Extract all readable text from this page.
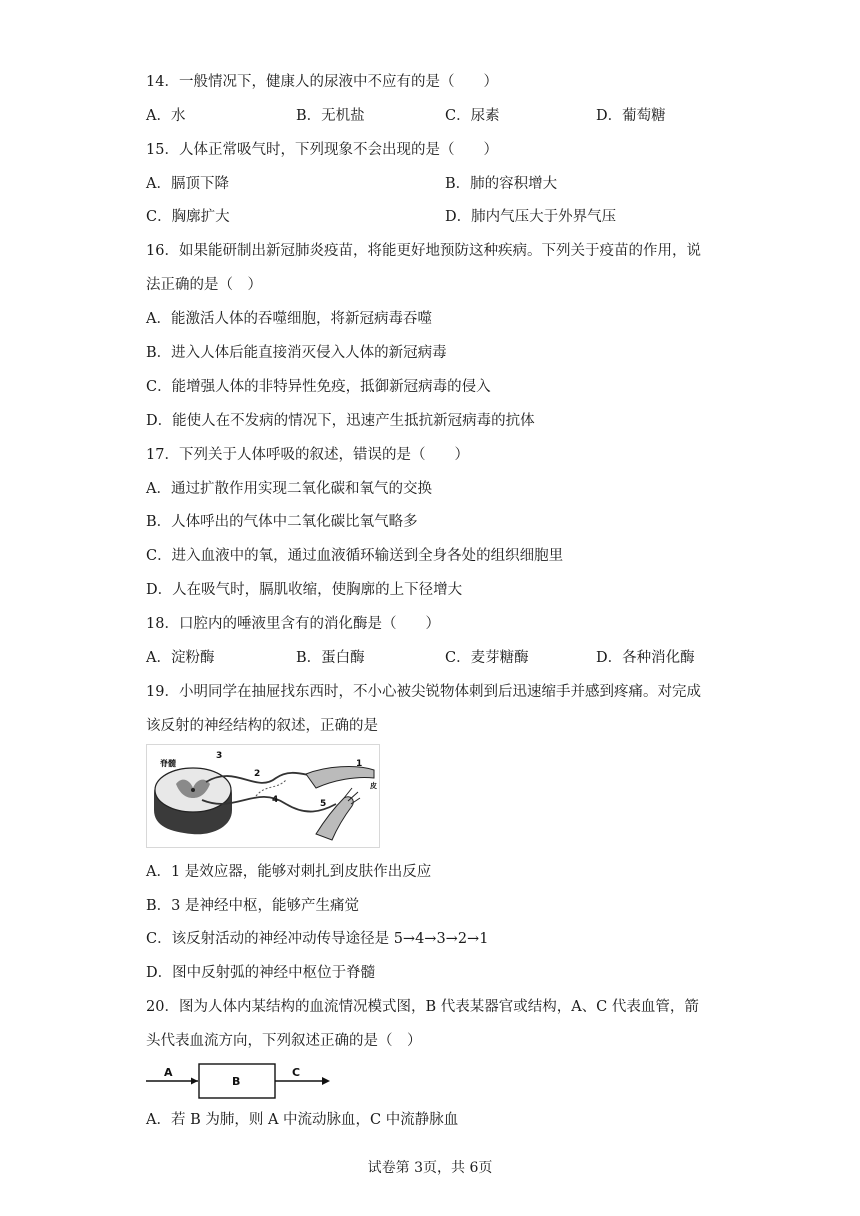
14．一般情况下，健康人的尿液中不应有的是（　　）
A．水	B．无机盐	C．尿素	D．葡萄糖
15．人体正常吸气时，下列现象不会出现的是（　　）
A．膈顶下降	B．肺的容积增大
C．胸廓扩大	D．肺内气压大于外界气压
16．如果能研制出新冠肺炎疫苗，将能更好地预防这种疾病。下列关于疫苗的作用，说
法正确的是（　）
A．能激活人体的吞噬细胞，将新冠病毒吞噬
B．进入人体后能直接消灭侵入人体的新冠病毒
C．能增强人体的非特异性免疫，抵御新冠病毒的侵入
D．能使人在不发病的情况下，迅速产生抵抗新冠病毒的抗体
17．下列关于人体呼吸的叙述，错误的是（　　）
A．通过扩散作用实现二氧化碳和氧气的交换
B．人体呼出的气体中二氧化碳比氧气略多
C．进入血液中的氧，通过血液循环输送到全身各处的组织细胞里
D．人在吸气时，膈肌收缩，使胸廓的上下径增大
18．口腔内的唾液里含有的消化酶是（　　）
A．淀粉酶	B．蛋白酶	C．麦芽糖酶	D．各种消化酶
19．小明同学在抽屉找东西时，不小心被尖锐物体刺到后迅速缩手并感到疼痛。对完成
该反射的神经结构的叙述，正确的是
脊髓
3
2
1
4	5
皮
A．1 是效应器，能够对刺扎到皮肤作出反应
B．3 是神经中枢，能够产生痛觉
C．该反射活动的神经冲动传导途径是 5→4→3→2→1
D．图中反射弧的神经中枢位于脊髓
20．图为人体内某结构的血流情况模式图，B 代表某器官或结构，A、C 代表血管，箭
头代表血流方向，下列叙述正确的是（　）
A
B
C
A．若 B 为肺，则 A 中流动脉血，C 中流静脉血
试卷第 3页，共 6页
